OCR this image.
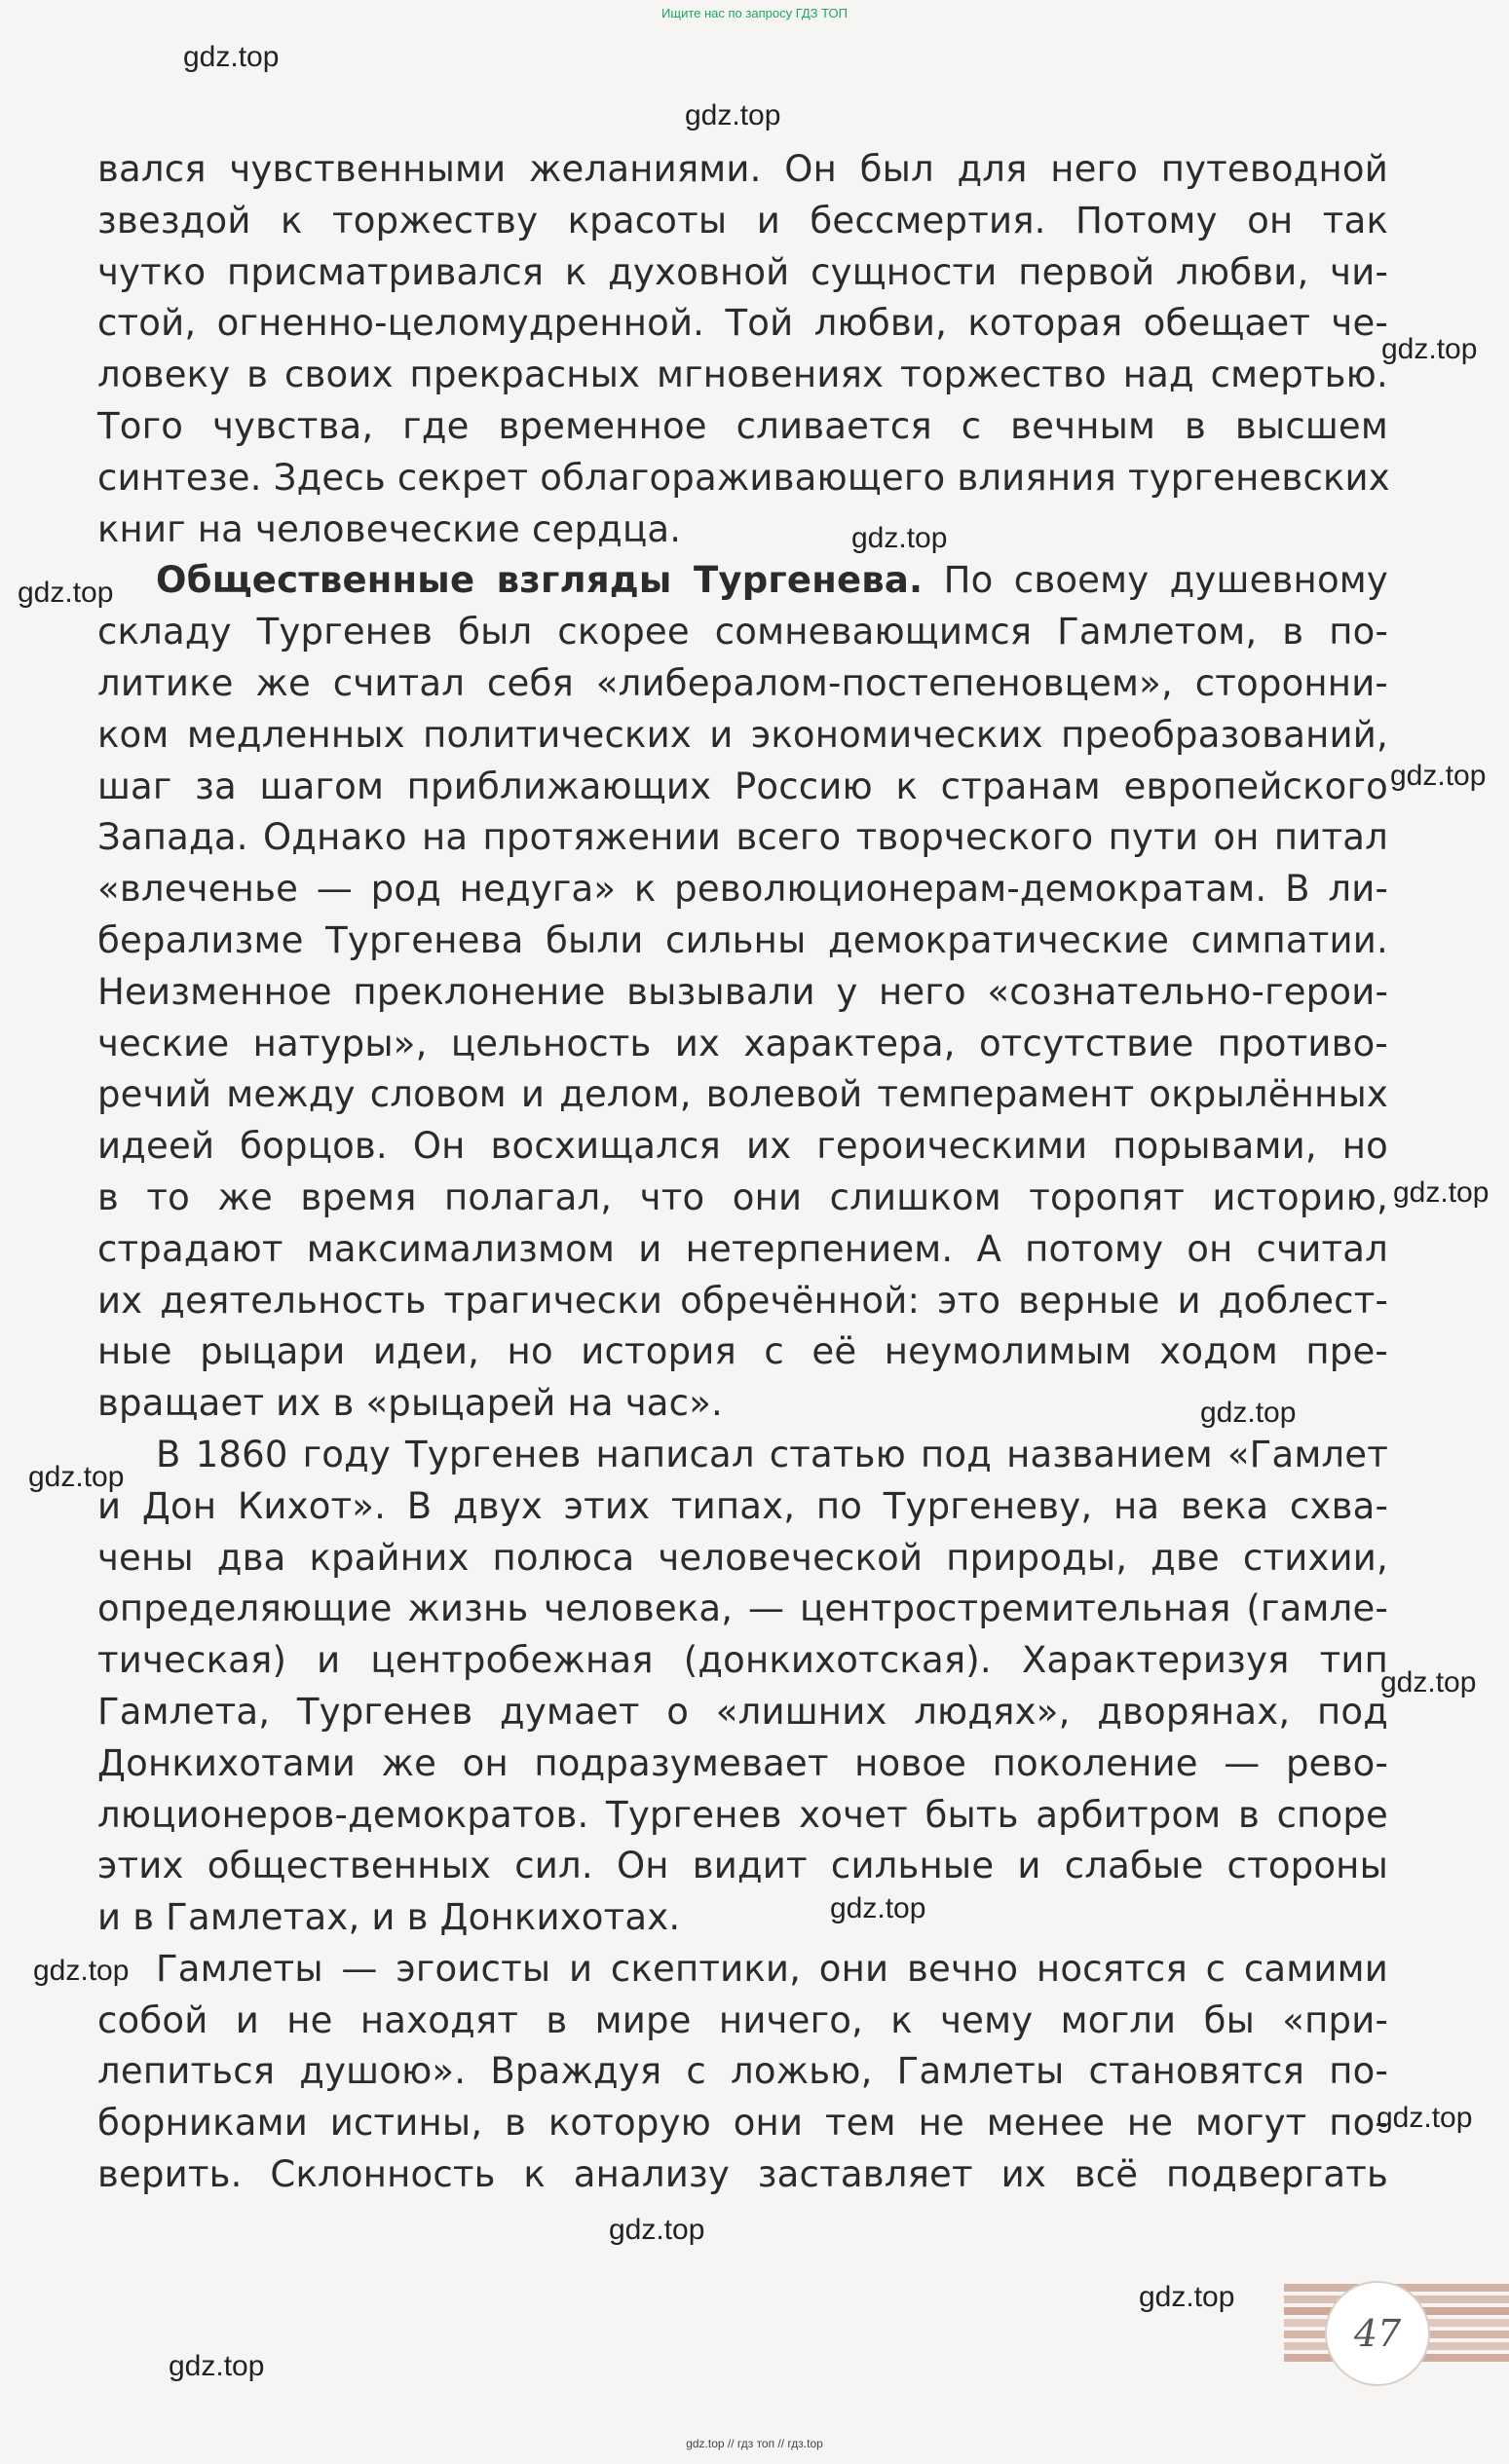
Ищите нас по запросу ГДЗ ТОП
вался чувственными желаниями. Он был для него путеводной
звездой к торжеству красоты и бессмертия. Потому он так
чутко присматривался к духовной сущности первой любви, чи-
стой, огненно-целомудренной. Той любви, которая обещает че-
ловеку в своих прекрасных мгновениях торжество над смертью.
Того чувства, где временное сливается с вечным в высшем
синтезе. Здесь секрет облагораживающего влияния тургеневских
книг на человеческие сердца.
Общественные взгляды Тургенева. По своему душевному
складу Тургенев был скорее сомневающимся Гамлетом, в по-
литике же считал себя «либералом-постепеновцем», сторонни-
ком медленных политических и экономических преобразований,
шаг за шагом приближающих Россию к странам европейского
Запада. Однако на протяжении всего творческого пути он питал
«влеченье — род недуга» к революционерам-демократам. В ли-
берализме Тургенева были сильны демократические симпатии.
Неизменное преклонение вызывали у него «сознательно-герои-
ческие натуры», цельность их характера, отсутствие противо-
речий между словом и делом, волевой темперамент окрылённых
идеей борцов. Он восхищался их героическими порывами, но
в то же время полагал, что они слишком торопят историю,
страдают максимализмом и нетерпением. А потому он считал
их деятельность трагически обречённой: это верные и доблест-
ные рыцари идеи, но история с её неумолимым ходом пре-
вращает их в «рыцарей на час».
В 1860 году Тургенев написал статью под названием «Гамлет
и Дон Кихот». В двух этих типах, по Тургеневу, на века схва-
чены два крайних полюса человеческой природы, две стихии,
определяющие жизнь человека, — центростремительная (гамле-
тическая) и центробежная (донкихотская). Характеризуя тип
Гамлета, Тургенев думает о «лишних людях», дворянах, под
Донкихотами же он подразумевает новое поколение — рево-
люционеров-демократов. Тургенев хочет быть арбитром в споре
этих общественных сил. Он видит сильные и слабые стороны
и в Гамлетах, и в Донкихотах.
Гамлеты — эгоисты и скептики, они вечно носятся с самими
собой и не находят в мире ничего, к чему могли бы «при-
лепиться душою». Враждуя с ложью, Гамлеты становятся по-
борниками истины, в которую они тем не менее не могут по-
верить. Склонность к анализу заставляет их всё подвергать
gdz.top
gdz.top
gdz.top
gdz.top
gdz.top
gdz.top
gdz.top
gdz.top
gdz.top
gdz.top
gdz.top
gdz.top
gdz.top
gdz.top
gdz.top
gdz.top
47
gdz.top // гдз топ // гдз.top
